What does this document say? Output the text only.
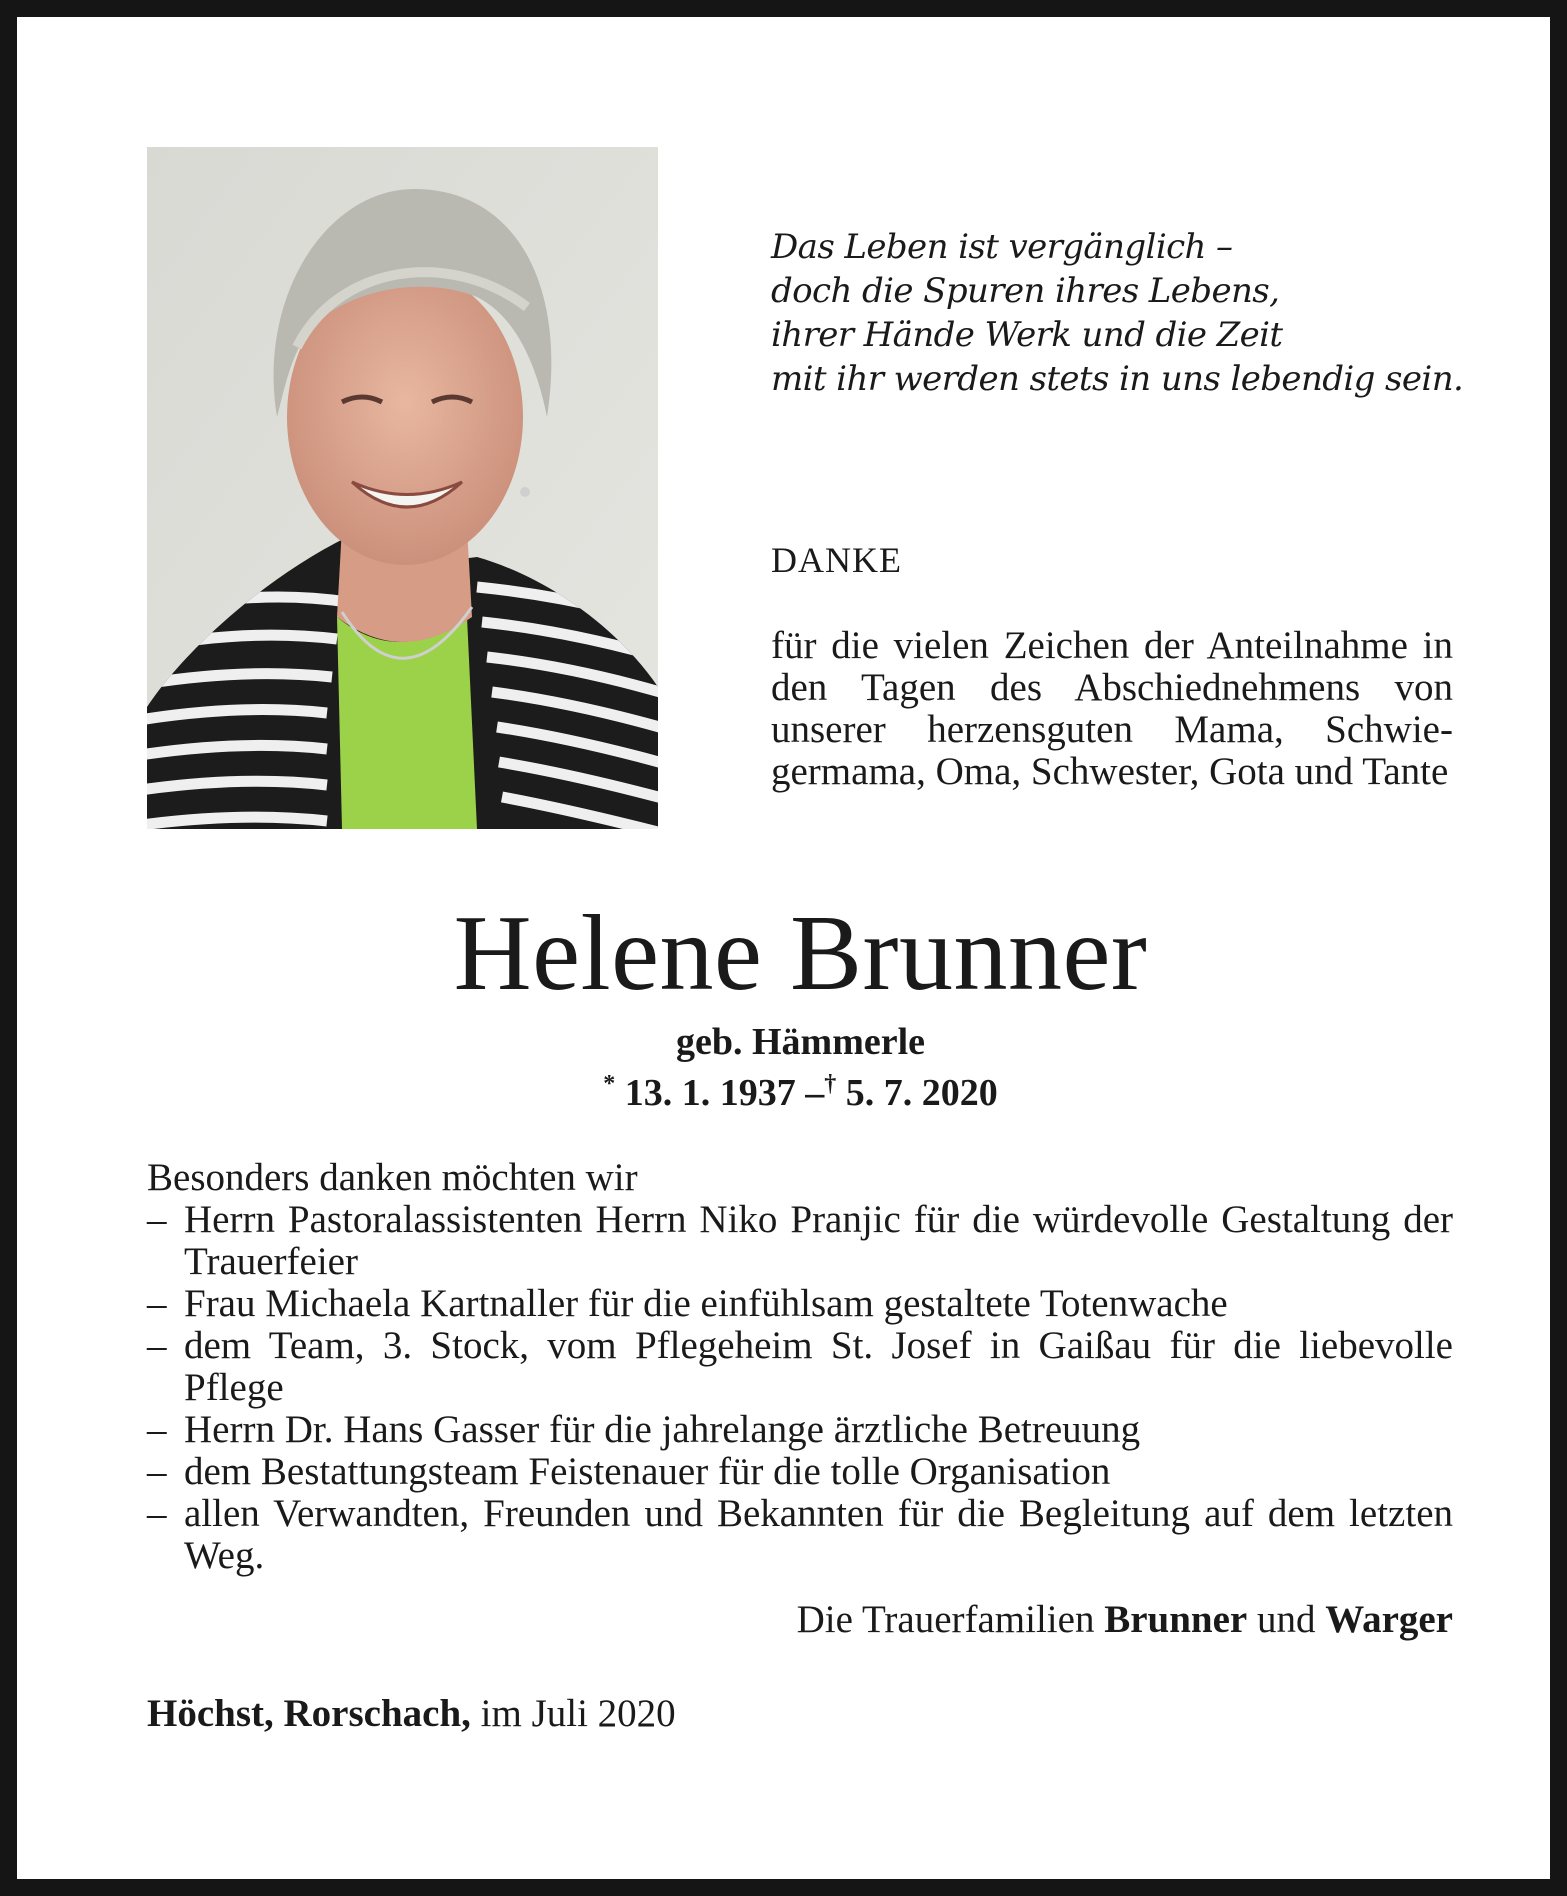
Das Leben ist vergänglich –
doch die Spuren ihres Lebens,
ihrer Hände Werk und die Zeit
mit ihr werden stets in uns lebendig sein.
DANKE
für die vielen Zeichen der Anteilnahme in den Tagen des Abschiednehmens von unserer herzensguten Mama, Schwiegermama, Oma, Schwester, Gota und Tante
Helene Brunner
geb. Hämmerle
* 13. 1. 1937 –† 5. 7. 2020
Besonders danken möchten wir
– Herrn Pastoralassistenten Herrn Niko Pranjic für die würdevolle Gestaltung der Trauerfeier
– Frau Michaela Kartnaller für die einfühlsam gestaltete Totenwache
– dem Team, 3. Stock, vom Pflegeheim St. Josef in Gaißau für die liebevolle Pflege
– Herrn Dr. Hans Gasser für die jahrelange ärztliche Betreuung
– dem Bestattungsteam Feistenauer für die tolle Organisation
– allen Verwandten, Freunden und Bekannten für die Begleitung auf dem letzten Weg.
Die Trauerfamilien Brunner und Warger
Höchst, Rorschach, im Juli 2020
